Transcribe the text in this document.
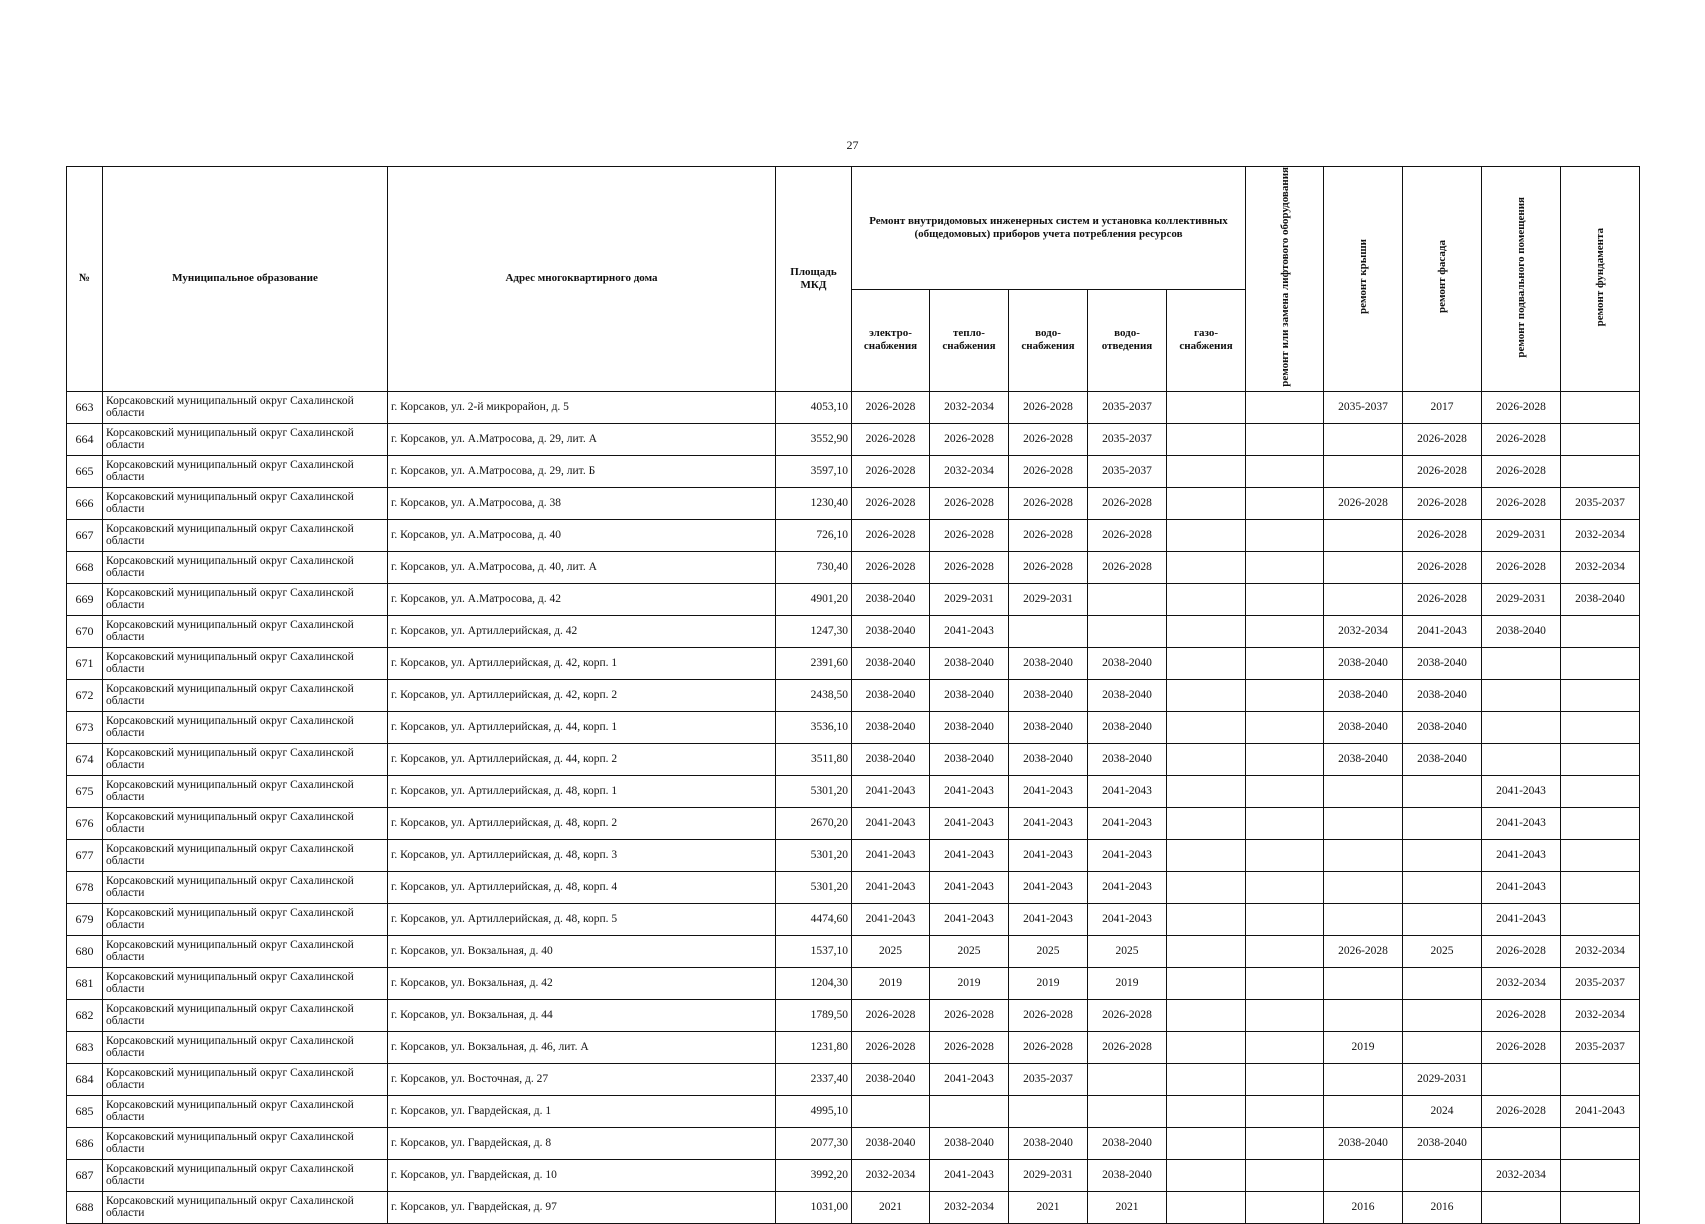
27
№	Муниципальное образование	Адрес многоквартирного дома	Площадь МКД	Ремонт внутридомовых инженерных систем и установка коллективных (общедомовых) приборов учета потребления ресурсов					ремонт или замена лифтового оборудования	ремонт крыши	ремонт фасада	ремонт подвального помещения	ремонт фундамента
				электро-снабжения	тепло-снабжения	водо-снабжения	водо-отведения	газо-снабжения					
663	Корсаковский муниципальный округ Сахалинской области	г. Корсаков, ул. 2-й микрорайон, д. 5	4053,10	2026-2028	2032-2034	2026-2028	2035-2037			2035-2037	2017	2026-2028	
664	Корсаковский муниципальный округ Сахалинской области	г. Корсаков, ул. А.Матросова, д. 29, лит. А	3552,90	2026-2028	2026-2028	2026-2028	2035-2037				2026-2028	2026-2028	
665	Корсаковский муниципальный округ Сахалинской области	г. Корсаков, ул. А.Матросова, д. 29, лит. Б	3597,10	2026-2028	2032-2034	2026-2028	2035-2037				2026-2028	2026-2028	
666	Корсаковский муниципальный округ Сахалинской области	г. Корсаков, ул. А.Матросова, д. 38	1230,40	2026-2028	2026-2028	2026-2028	2026-2028			2026-2028	2026-2028	2026-2028	2035-2037
667	Корсаковский муниципальный округ Сахалинской области	г. Корсаков, ул. А.Матросова, д. 40	726,10	2026-2028	2026-2028	2026-2028	2026-2028				2026-2028	2029-2031	2032-2034
668	Корсаковский муниципальный округ Сахалинской области	г. Корсаков, ул. А.Матросова, д. 40, лит. А	730,40	2026-2028	2026-2028	2026-2028	2026-2028				2026-2028	2026-2028	2032-2034
669	Корсаковский муниципальный округ Сахалинской области	г. Корсаков, ул. А.Матросова, д. 42	4901,20	2038-2040	2029-2031	2029-2031					2026-2028	2029-2031	2038-2040
670	Корсаковский муниципальный округ Сахалинской области	г. Корсаков, ул. Артиллерийская, д. 42	1247,30	2038-2040	2041-2043					2032-2034	2041-2043	2038-2040	
671	Корсаковский муниципальный округ Сахалинской области	г. Корсаков, ул. Артиллерийская, д. 42, корп. 1	2391,60	2038-2040	2038-2040	2038-2040	2038-2040			2038-2040	2038-2040		
672	Корсаковский муниципальный округ Сахалинской области	г. Корсаков, ул. Артиллерийская, д. 42, корп. 2	2438,50	2038-2040	2038-2040	2038-2040	2038-2040			2038-2040	2038-2040		
673	Корсаковский муниципальный округ Сахалинской области	г. Корсаков, ул. Артиллерийская, д. 44, корп. 1	3536,10	2038-2040	2038-2040	2038-2040	2038-2040			2038-2040	2038-2040		
674	Корсаковский муниципальный округ Сахалинской области	г. Корсаков, ул. Артиллерийская, д. 44, корп. 2	3511,80	2038-2040	2038-2040	2038-2040	2038-2040			2038-2040	2038-2040		
675	Корсаковский муниципальный округ Сахалинской области	г. Корсаков, ул. Артиллерийская, д. 48, корп. 1	5301,20	2041-2043	2041-2043	2041-2043	2041-2043					2041-2043	
676	Корсаковский муниципальный округ Сахалинской области	г. Корсаков, ул. Артиллерийская, д. 48, корп. 2	2670,20	2041-2043	2041-2043	2041-2043	2041-2043					2041-2043	
677	Корсаковский муниципальный округ Сахалинской области	г. Корсаков, ул. Артиллерийская, д. 48, корп. 3	5301,20	2041-2043	2041-2043	2041-2043	2041-2043					2041-2043	
678	Корсаковский муниципальный округ Сахалинской области	г. Корсаков, ул. Артиллерийская, д. 48, корп. 4	5301,20	2041-2043	2041-2043	2041-2043	2041-2043					2041-2043	
679	Корсаковский муниципальный округ Сахалинской области	г. Корсаков, ул. Артиллерийская, д. 48, корп. 5	4474,60	2041-2043	2041-2043	2041-2043	2041-2043					2041-2043	
680	Корсаковский муниципальный округ Сахалинской области	г. Корсаков, ул. Вокзальная, д. 40	1537,10	2025	2025	2025	2025			2026-2028	2025	2026-2028	2032-2034
681	Корсаковский муниципальный округ Сахалинской области	г. Корсаков, ул. Вокзальная, д. 42	1204,30	2019	2019	2019	2019					2032-2034	2035-2037
682	Корсаковский муниципальный округ Сахалинской области	г. Корсаков, ул. Вокзальная, д. 44	1789,50	2026-2028	2026-2028	2026-2028	2026-2028					2026-2028	2032-2034
683	Корсаковский муниципальный округ Сахалинской области	г. Корсаков, ул. Вокзальная, д. 46, лит. А	1231,80	2026-2028	2026-2028	2026-2028	2026-2028			2019		2026-2028	2035-2037
684	Корсаковский муниципальный округ Сахалинской области	г. Корсаков, ул. Восточная, д. 27	2337,40	2038-2040	2041-2043	2035-2037					2029-2031		
685	Корсаковский муниципальный округ Сахалинской области	г. Корсаков, ул. Гвардейская, д. 1	4995,10								2024	2026-2028	2041-2043
686	Корсаковский муниципальный округ Сахалинской области	г. Корсаков, ул. Гвардейская, д. 8	2077,30	2038-2040	2038-2040	2038-2040	2038-2040			2038-2040	2038-2040		
687	Корсаковский муниципальный округ Сахалинской области	г. Корсаков, ул. Гвардейская, д. 10	3992,20	2032-2034	2041-2043	2029-2031	2038-2040					2032-2034	
688	Корсаковский муниципальный округ Сахалинской области	г. Корсаков, ул. Гвардейская, д. 97	1031,00	2021	2032-2034	2021	2021			2016	2016		
